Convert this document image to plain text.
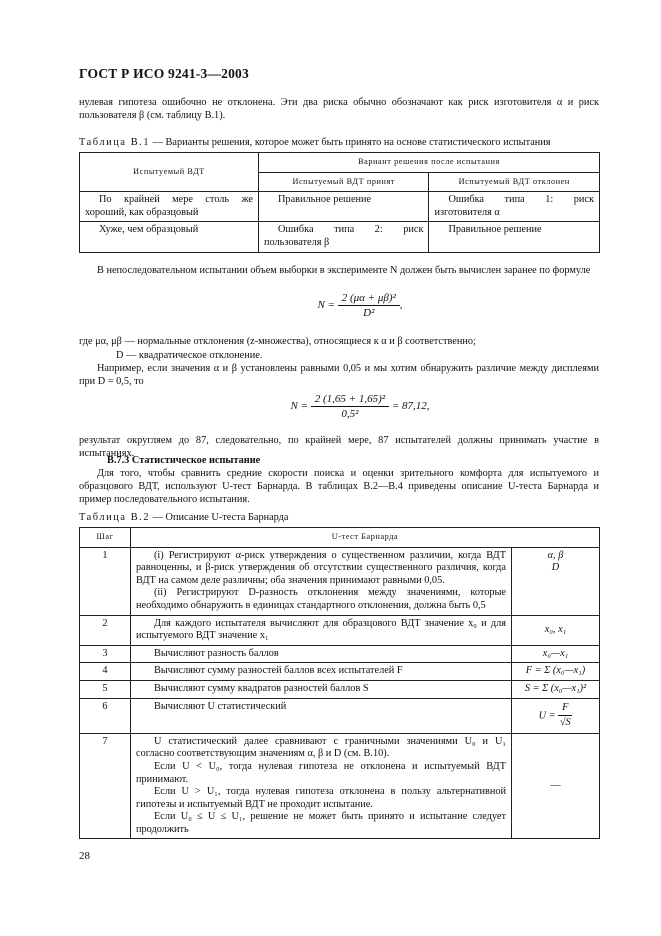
ГОСТ Р ИСО 9241-3—2003
нулевая гипотеза ошибочно не отклонена. Эти два риска обычно обозначают как риск изготовителя α и риск пользователя β (см. таблицу В.1).
Таблица В.1 — Варианты решения, которое может быть принято на основе статистического испытания
Испытуемый ВДТ	Вариант решения после испытания	
	Испытуемый ВДТ принят	Испытуемый ВДТ отклонен
По крайней мере столь же хороший, как образцовый	Правильное решение	Ошибка типа 1: риск изготовителя α
Хуже, чем образцовый	Ошибка типа 2: риск пользователя β	Правильное решение
В непоследовательном испытании объем выборки в эксперименте N должен быть вычислен заранее по формуле
$N = \frac{\text{2 (μα + μβ)²}}{\text{D²}}$ ,
где μα, μβ — нормальные отклонения (z-множества), относящиеся к α и β соответственно;
D — квадратическое отклонение.
Например, если значения α и β установлены равными 0,05 и мы хотим обнаружить различие между дисплеями при D = 0,5, то
$N = \frac{\text{2 (1,65 + 1,65)²}}{\text{0,5²}} = 87,12$,
результат округляем до 87, следовательно, по крайней мере, 87 испытателей должны принимать участие в испытаниях.
В.7.3 Статистическое испытание
Для того, чтобы сравнить средние скорости поиска и оценки зрительного комфорта для испытуемого и образцового ВДТ, используют U-тест Барнарда. В таблицах В.2—В.4 приведены описание U-теста Барнарда и пример последовательного испытания.
Таблица В.2 — Описание U-теста Барнарда
Шаг	U-тест Барнарда	
1	(i) Регистрируют α-риск утверждения о существенном различии, когда ВДТ равноценны, и β-риск утверждения об отсутствии существенного различия, когда ВДТ на самом деле различны; оба значения принимают равными 0,05.
(ii) Регистрируют D-разность отклонения между значениями, которые необходимо обнаружить в единицах стандартного отклонения, должна быть 0,5	α, β
D

2	Для каждого испытателя вычисляют для образцового ВДТ значение x₀ и для испытуемого ВДТ значение x₁	x₀, x₁
3	Вычисляют разность баллов	x₀—x₁
4	Вычисляют сумму разностей баллов всех испытателей F	F = Σ (x₀—x₁)
5	Вычисляют сумму квадратов разностей баллов S	S = Σ (x₀—x₁)²
6	Вычисляют U статистический	$U = \frac{F}{√S}$

7	U статистический далее сравнивают с граничными значениями U₀ и U₁ согласно соответствующим значениям α, β и D (см. В.10).
Если U < U₀, тогда нулевая гипотеза не отклонена и испытуемый ВДТ принимают.
Если U > U₁, тогда нулевая гипотеза отклонена в пользу альтернативной гипотезы и испытуемый ВДТ не проходит испытание.
Если U₀ ≤ U ≤ U₁, решение не может быть принято и испытание следует продолжить	—
28
